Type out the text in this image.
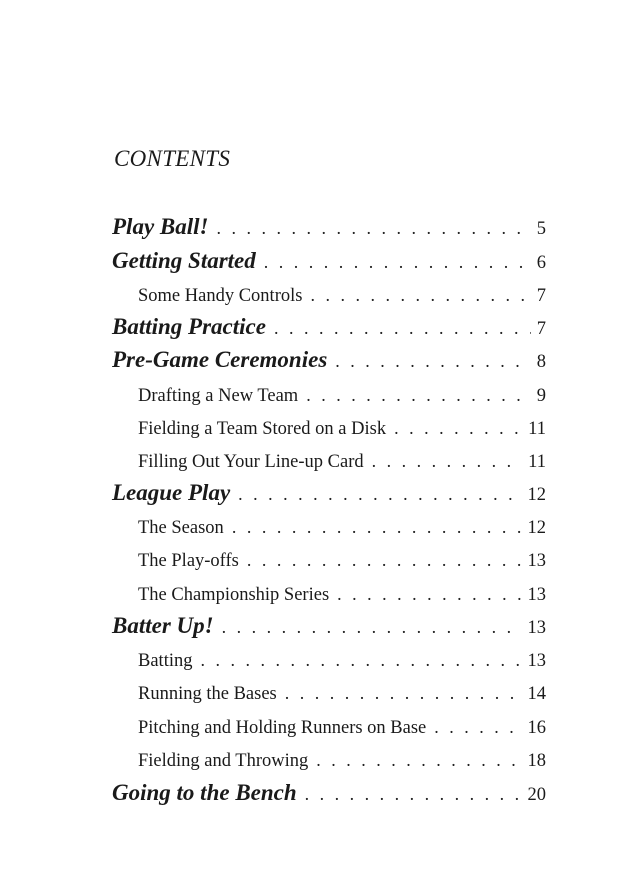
CONTENTS
Play Ball! . . .	5
Getting Started . . .	6
Some Handy Controls . . .	7
Batting Practice . . .	7
Pre-Game Ceremonies . . .	8
Drafting a New Team . . .	9
Fielding a Team Stored on a Disk . . .	11
Filling Out Your Line-up Card . . .	11
League Play . . .	12
The Season . . .	12
The Play-offs . . .	13
The Championship Series . . .	13
Batter Up! . . .	13
Batting . . .	13
Running the Bases . . .	14
Pitching and Holding Runners on Base . . .	16
Fielding and Throwing . . .	18
Going to the Bench . . .	20
